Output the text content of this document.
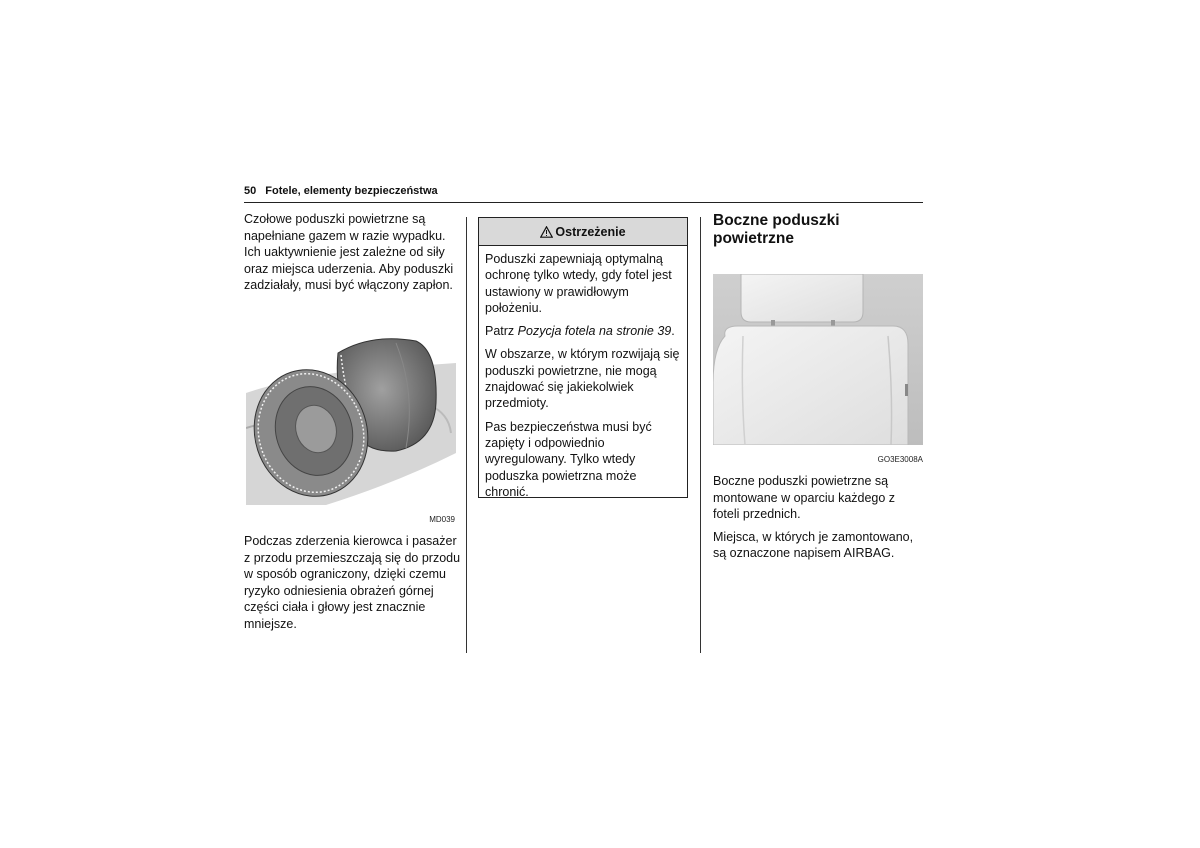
50 Fotele, elementy bezpieczeństwa

Czołowe poduszki powietrzne są napełniane gazem w razie wypadku. Ich uaktywnienie jest zależne od siły oraz miejsca uderzenia. Aby poduszki zadziałały, musi być włączony zapłon.

MD039

Podczas zderzenia kierowca i pasażer z przodu przemieszczają się do przodu w sposób ograniczony, dzięki czemu ryzyko odniesienia obrażeń górnej części ciała i głowy jest znacznie mniejsze.

Ostrzeżenie

Poduszki zapewniają optymalną ochronę tylko wtedy, gdy fotel jest ustawiony w prawidłowym położeniu.

Patrz Pozycja fotela na stronie 39.

W obszarze, w którym rozwijają się poduszki powietrzne, nie mogą znajdować się jakiekolwiek przedmioty.

Pas bezpieczeństwa musi być zapięty i odpowiednio wyregulowany. Tylko wtedy poduszka powietrzna może chronić.

Boczne poduszki powietrzne
GO3E3008A

Boczne poduszki powietrzne są montowane w oparciu każdego z foteli przednich.

Miejsca, w których je zamontowano, są oznaczone napisem AIRBAG.
